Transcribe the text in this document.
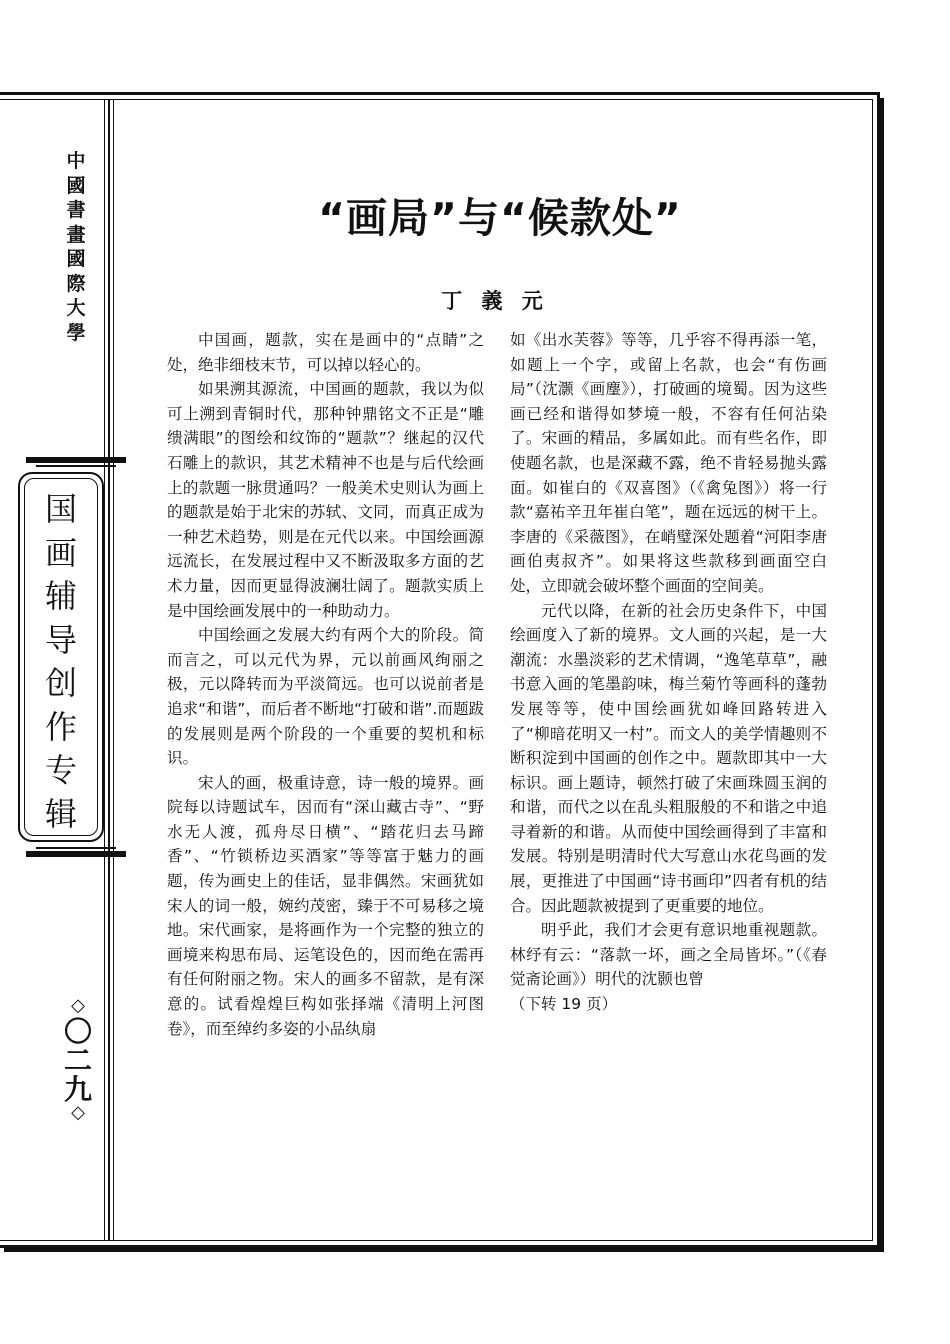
中
國
書
畫
國
際
大
學
国
画
辅
导
创
作
专
辑
◇
〇
二
九
◇
“画局”与“候款处”
丁 義 元

中国画，题款，实在是画中的“点睛”之处，绝非细枝末节，可以掉以轻心的。

如果溯其源流，中国画的题款，我以为似可上溯到青铜时代，那种钟鼎铭文不正是“雕缋满眼”的图绘和纹饰的“题款”？继起的汉代石雕上的款识，其艺术精神不也是与后代绘画上的款题一脉贯通吗？一般美术史则认为画上的题款是始于北宋的苏轼、文同，而真正成为一种艺术趋势，则是在元代以来。中国绘画源远流长，在发展过程中又不断汲取多方面的艺术力量，因而更显得波澜壮阔了。题款实质上是中国绘画发展中的一种助动力。

中国绘画之发展大约有两个大的阶段。简而言之，可以元代为界，元以前画风绚丽之极，元以降转而为平淡简远。也可以说前者是追求“和谐”，而后者不断地“打破和谐”.而题跋的发展则是两个阶段的一个重要的契机和标识。

宋人的画，极重诗意，诗一般的境界。画院每以诗题试车，因而有“深山藏古寺”、“野水无人渡，孤舟尽日横”、“踏花归去马蹄香”、“竹锁桥边买酒家”等等富于魅力的画题，传为画史上的佳话，显非偶然。宋画犹如宋人的词一般，婉约茂密，臻于不可易移之境地。宋代画家，是将画作为一个完整的独立的画境来构思布局、运笔设色的，因而绝在需再有任何附丽之物。宋人的画多不留款，是有深意的。试看煌煌巨构如张择端《清明上河图卷》，而至绰约多姿的小品纨扇

如《出水芙蓉》等等，几乎容不得再添一笔，如题上一个字，或留上名款，也会“有伤画局”（沈灏《画麈》），打破画的境蜀。因为这些画已经和谐得如梦境一般，不容有任何沾染了。宋画的精品，多属如此。而有些名作，即使题名款，也是深藏不露，绝不肯轻易抛头露面。如崔白的《双喜图》（《禽兔图》）将一行款“嘉祐辛丑年崔白笔”，题在远远的树干上。李唐的《采薇图》，在峭璧深处题着“河阳李唐画伯夷叔齐”。如果将这些款移到画面空白处，立即就会破坏整个画面的空间美。

元代以降，在新的社会历史条件下，中国绘画度入了新的境界。文人画的兴起，是一大潮流：水墨淡彩的艺术情调，“逸笔草草”，融书意入画的笔墨韵味，梅兰菊竹等画科的蓬勃发展等等，使中国绘画犹如峰回路转进入了“柳暗花明又一村”。而文人的美学情趣则不断积淀到中国画的创作之中。题款即其中一大标识。画上题诗，顿然打破了宋画珠圆玉润的和谐，而代之以在乱头粗服般的不和谐之中追寻着新的和谐。从而使中国绘画得到了丰富和发展。特别是明清时代大写意山水花鸟画的发展，更推进了中国画“诗书画印”四者有机的结合。因此题款被提到了更重要的地位。

明乎此，我们才会更有意识地重视题款。林纾有云：“落款一坏，画之全局皆坏。”（《春觉斋论画》）明代的沈颢也曾

（下转 19 页）
